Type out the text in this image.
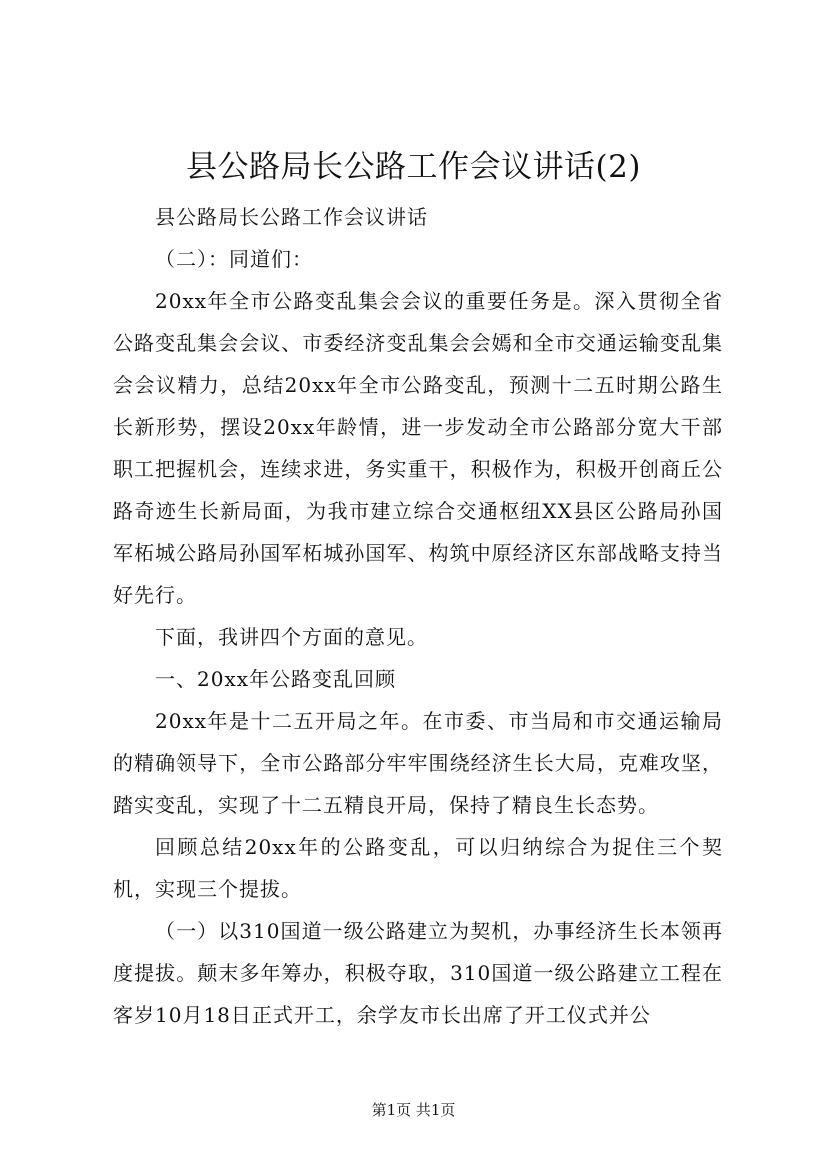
县公路局长公路工作会议讲话(2)

县公路局长公路工作会议讲话

（二）：同道们：

20xx年全市公路变乱集会会议的重要任务是。深入贯彻全省公路变乱集会会议、市委经济变乱集会会嫣和全市交通运输变乱集会会议精力，总结20xx年全市公路变乱，预测十二五时期公路生长新形势，摆设20xx年龄情，进一步发动全市公路部分宽大干部职工把握机会，连续求进，务实重干，积极作为，积极开创商丘公路奇迹生长新局面，为我市建立综合交通枢纽XX县区公路局孙国军柘城公路局孙国军柘城孙国军、构筑中原经济区东部战略支持当好先行。

下面，我讲四个方面的意见。

一、20xx年公路变乱回顾

20xx年是十二五开局之年。在市委、市当局和市交通运输局的精确领导下，全市公路部分牢牢围绕经济生长大局，克难攻坚，踏实变乱，实现了十二五精良开局，保持了精良生长态势。

回顾总结20xx年的公路变乱，可以归纳综合为捉住三个契机，实现三个提拔。

（一）以310国道一级公路建立为契机，办事经济生长本领再度提拔。颠末多年筹办，积极夺取，310国道一级公路建立工程在客岁10月18日正式开工，余学友市长出席了开工仪式并公

第1页 共1页
